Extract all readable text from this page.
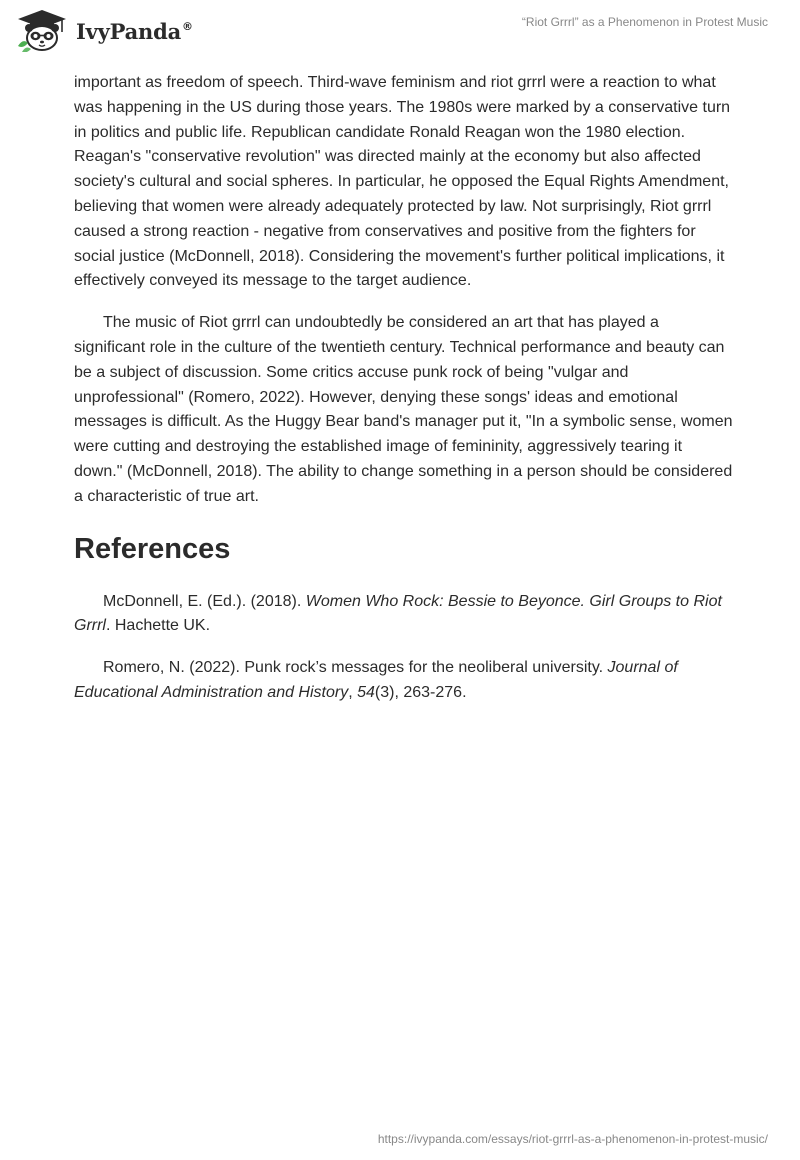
IvyPanda®	“Riot Grrrl” as a Phenomenon in Protest Music

important as freedom of speech. Third-wave feminism and riot grrrl were a reaction to what was happening in the US during those years. The 1980s were marked by a conservative turn in politics and public life. Republican candidate Ronald Reagan won the 1980 election. Reagan's "conservative revolution" was directed mainly at the economy but also affected society's cultural and social spheres. In particular, he opposed the Equal Rights Amendment, believing that women were already adequately protected by law. Not surprisingly, Riot grrrl caused a strong reaction - negative from conservatives and positive from the fighters for social justice (McDonnell, 2018). Considering the movement's further political implications, it effectively conveyed its message to the target audience.

The music of Riot grrrl can undoubtedly be considered an art that has played a significant role in the culture of the twentieth century. Technical performance and beauty can be a subject of discussion. Some critics accuse punk rock of being "vulgar and unprofessional" (Romero, 2022). However, denying these songs' ideas and emotional messages is difficult. As the Huggy Bear band's manager put it, "In a symbolic sense, women were cutting and destroying the established image of femininity, aggressively tearing it down." (McDonnell, 2018). The ability to change something in a person should be considered a characteristic of true art.

References

McDonnell, E. (Ed.). (2018). Women Who Rock: Bessie to Beyonce. Girl Groups to Riot Grrrl. Hachette UK.

Romero, N. (2022). Punk rock’s messages for the neoliberal university. Journal of Educational Administration and History, 54(3), 263-276.

https://ivypanda.com/essays/riot-grrrl-as-a-phenomenon-in-protest-music/
